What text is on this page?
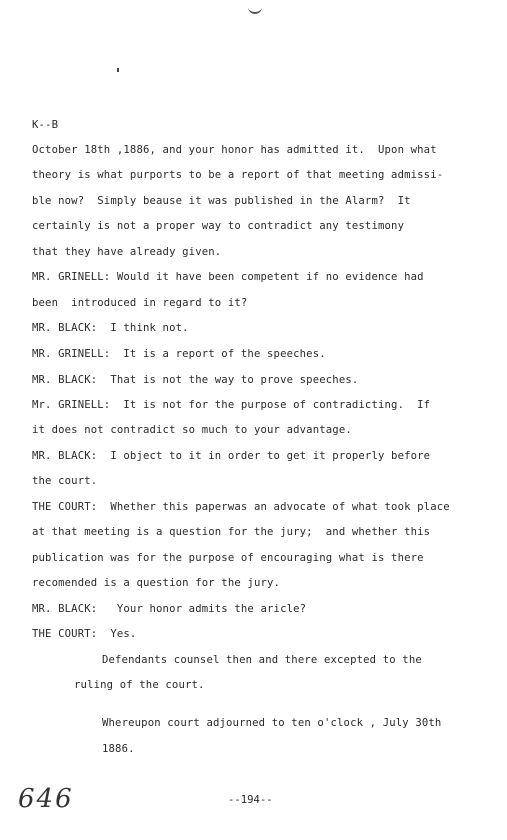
K--B
October 18th ,1886, and your honor has admitted it.  Upon what
theory is what purports to be a report of that meeting admissi-
ble now?  Simply beause it was published in the Alarm?  It
certainly is not a proper way to contradict any testimony
that they have already given.
MR. GRINELL: Would it have been competent if no evidence had
been  introduced in regard to it?
MR. BLACK:  I think not.
MR. GRINELL:  It is a report of the speeches.
MR. BLACK:  That is not the way to prove speeches.
Mr. GRINELL:  It is not for the purpose of contradicting.  If
it does not contradict so much to your advantage.
MR. BLACK:  I object to it in order to get it properly before
the court.
THE COURT:  Whether this paperwas an advocate of what took place
at that meeting is a question for the jury;  and whether this
publication was for the purpose of encouraging what is there
recomended is a question for the jury.
MR. BLACK:   Your honor admits the aricle?
THE COURT:  Yes.
Defendants counsel then and there excepted to the
ruling of the court.
Whereupon court adjourned to ten o'clock , July 30th
1886.
646	--194--
